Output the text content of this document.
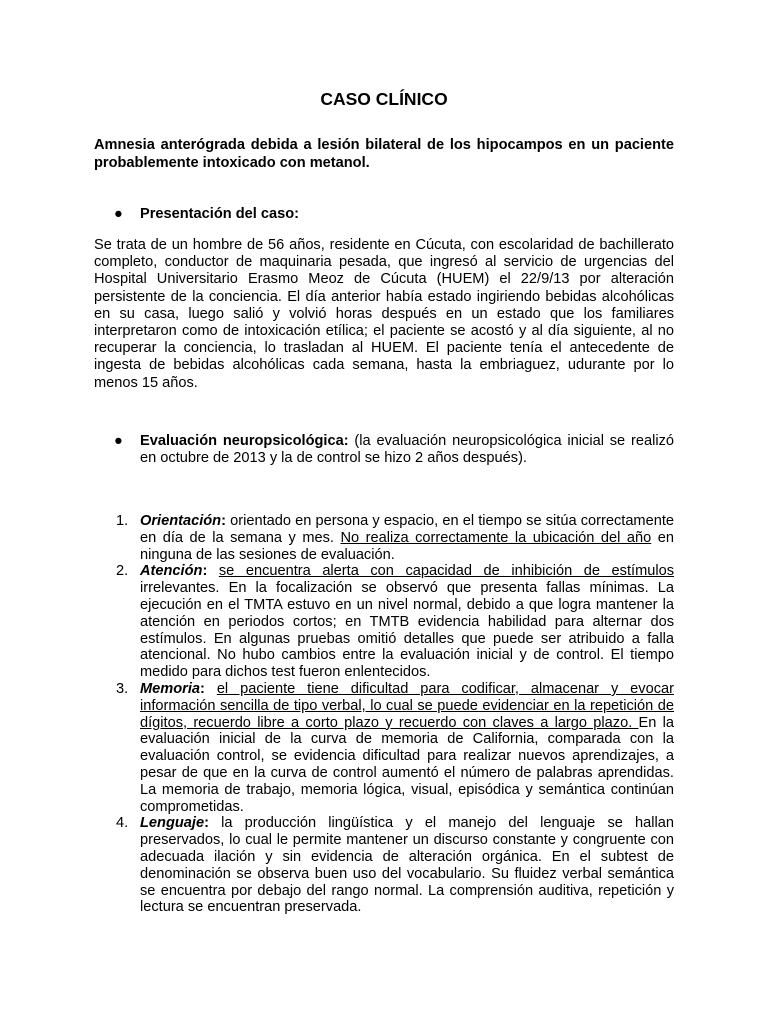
CASO CLÍNICO

Amnesia anterógrada debida a lesión bilateral de los hipocampos en un paciente probablemente intoxicado con metanol.

● Presentación del caso:

Se trata de un hombre de 56 años, residente en Cúcuta, con escolaridad de bachillerato completo, conductor de maquinaria pesada, que ingresó al servicio de urgencias del Hospital Universitario Erasmo Meoz de Cúcuta (HUEM) el 22/9/13 por alteración persistente de la conciencia. El día anterior había estado ingiriendo bebidas alcohólicas en su casa, luego salió y volvió horas después en un estado que los familiares interpretaron como de intoxicación etílica; el paciente se acostó y al día siguiente, al no recuperar la conciencia, lo trasladan al HUEM. El paciente tenía el antecedente de ingesta de bebidas alcohólicas cada semana, hasta la embriaguez, udurante por lo menos 15 años.

● Evaluación neuropsicológica: (la evaluación neuropsicológica inicial se realizó en octubre de 2013 y la de control se hizo 2 años después).

1. Orientación: orientado en persona y espacio, en el tiempo se sitúa correctamente en día de la semana y mes. No realiza correctamente la ubicación del año en ninguna de las sesiones de evaluación.
2. Atención: se encuentra alerta con capacidad de inhibición de estímulos irrelevantes. En la focalización se observó que presenta fallas mínimas. La ejecución en el TMTA estuvo en un nivel normal, debido a que logra mantener la atención en periodos cortos; en TMTB evidencia habilidad para alternar dos estímulos. En algunas pruebas omitió detalles que puede ser atribuido a falla atencional. No hubo cambios entre la evaluación inicial y de control. El tiempo medido para dichos test fueron enlentecidos.
3. Memoria: el paciente tiene dificultad para codificar, almacenar y evocar información sencilla de tipo verbal, lo cual se puede evidenciar en la repetición de dígitos, recuerdo libre a corto plazo y recuerdo con claves a largo plazo. En la evaluación inicial de la curva de memoria de California, comparada con la evaluación control, se evidencia dificultad para realizar nuevos aprendizajes, a pesar de que en la curva de control aumentó el número de palabras aprendidas. La memoria de trabajo, memoria lógica, visual, episódica y semántica continúan comprometidas.
4. Lenguaje: la producción lingüística y el manejo del lenguaje se hallan preservados, lo cual le permite mantener un discurso constante y congruente con adecuada ilación y sin evidencia de alteración orgánica. En el subtest de denominación se observa buen uso del vocabulario. Su fluidez verbal semántica se encuentra por debajo del rango normal. La comprensión auditiva, repetición y lectura se encuentran preservada.
